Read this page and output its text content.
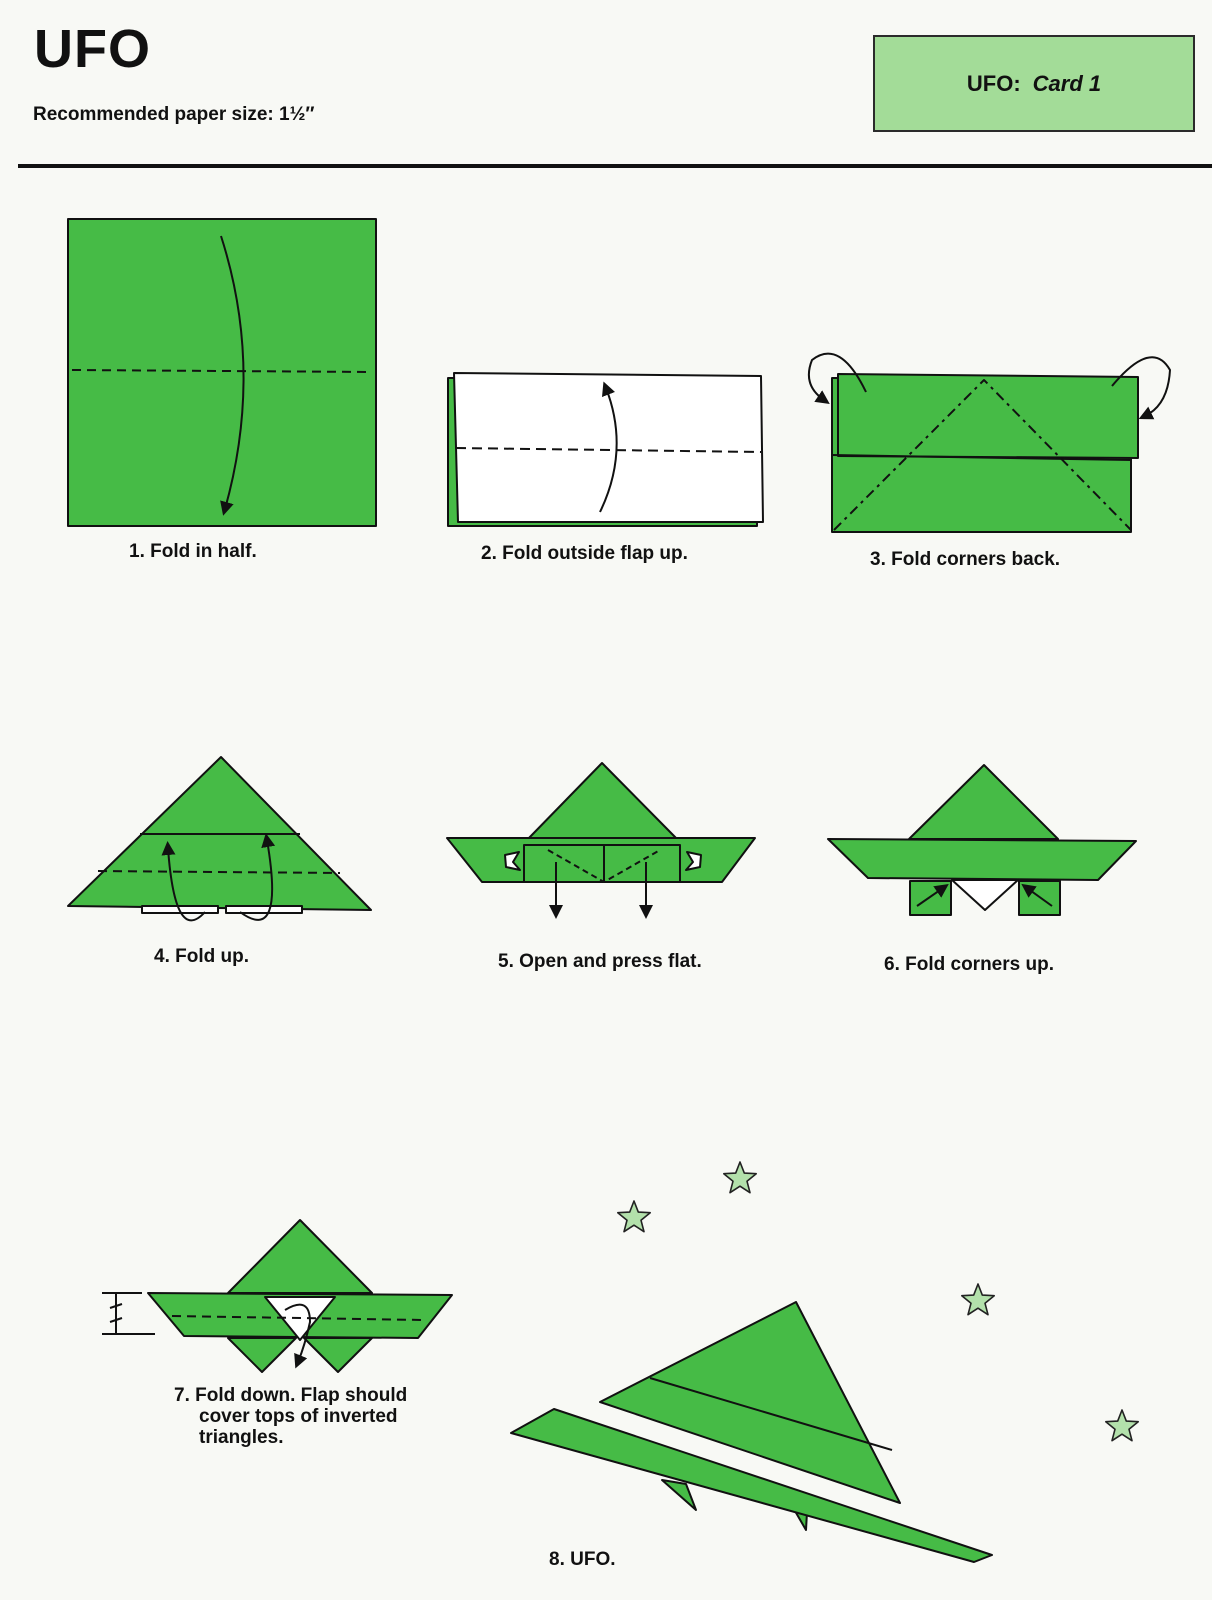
UFO
Recommended paper size: 1½″
UFO: Card 1
1. Fold in half.	2. Fold outside flap up.	3. Fold corners back.
4. Fold up.	5. Open and press flat.	6. Fold corners up.
7. Fold down. Flap should
cover tops of inverted
triangles.
8. UFO.
